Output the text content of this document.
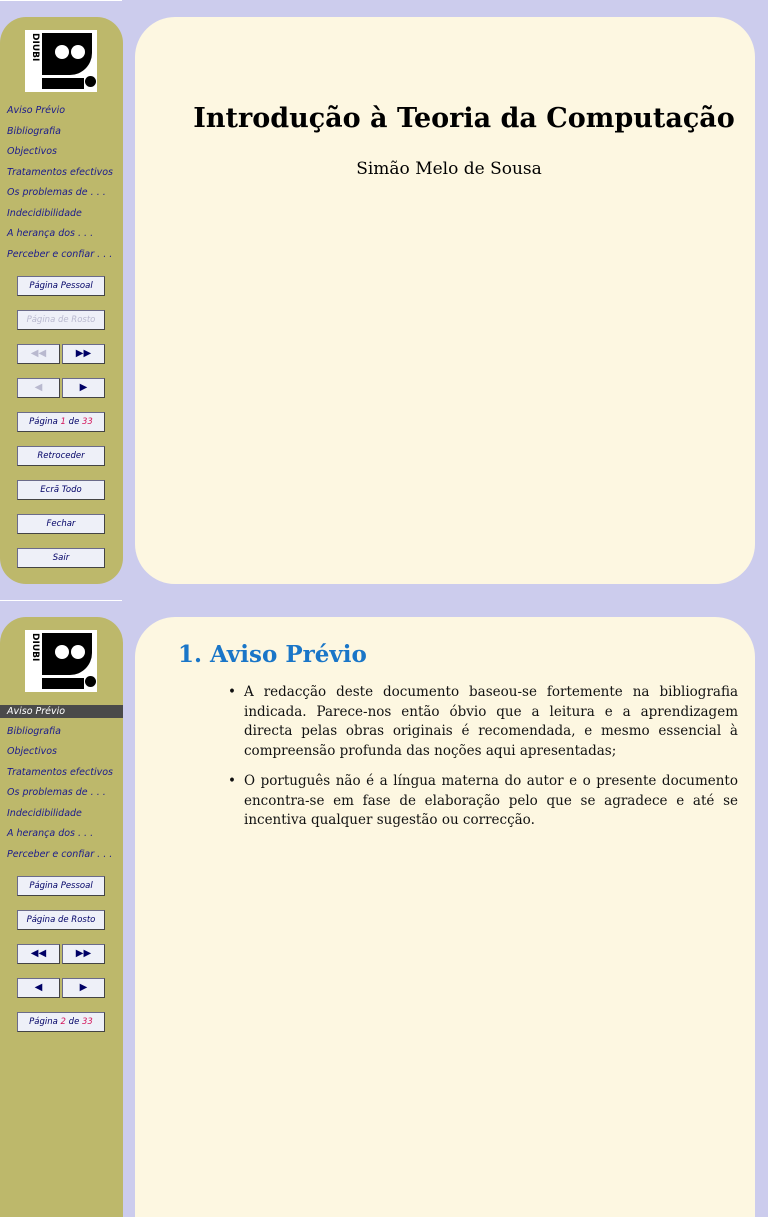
DIUBI
Aviso Prévio
Bibliografia
Objectivos
Tratamentos efectivos
Os problemas de . . .
Indecidibilidade
A herança dos . . .
Perceber e confiar . . .
Página Pessoal
Página de Rosto
◀◀	▶▶
◀	▶
Página 1 de 33
Retroceder
Ecrã Todo
Fechar
Sair
Introdução à Teoria da Computação
Simão Melo de Sousa
DIUBI
Aviso Prévio
Bibliografia
Objectivos
Tratamentos efectivos
Os problemas de . . .
Indecidibilidade
A herança dos . . .
Perceber e confiar . . .
Página Pessoal
Página de Rosto
◀◀	▶▶
◀	▶
Página 2 de 33
1. Aviso Prévio
• A redacção deste documento baseou-se fortemente na bibliografia indicada. Parece-nos então óbvio que a leitura e a aprendizagem directa pelas obras originais é recomendada, e mesmo essencial à compreensão profunda das noções aqui apresentadas;
• O português não é a língua materna do autor e o presente documento encontra-se em fase de elaboração pelo que se agradece e até se incentiva qualquer sugestão ou correcção.
